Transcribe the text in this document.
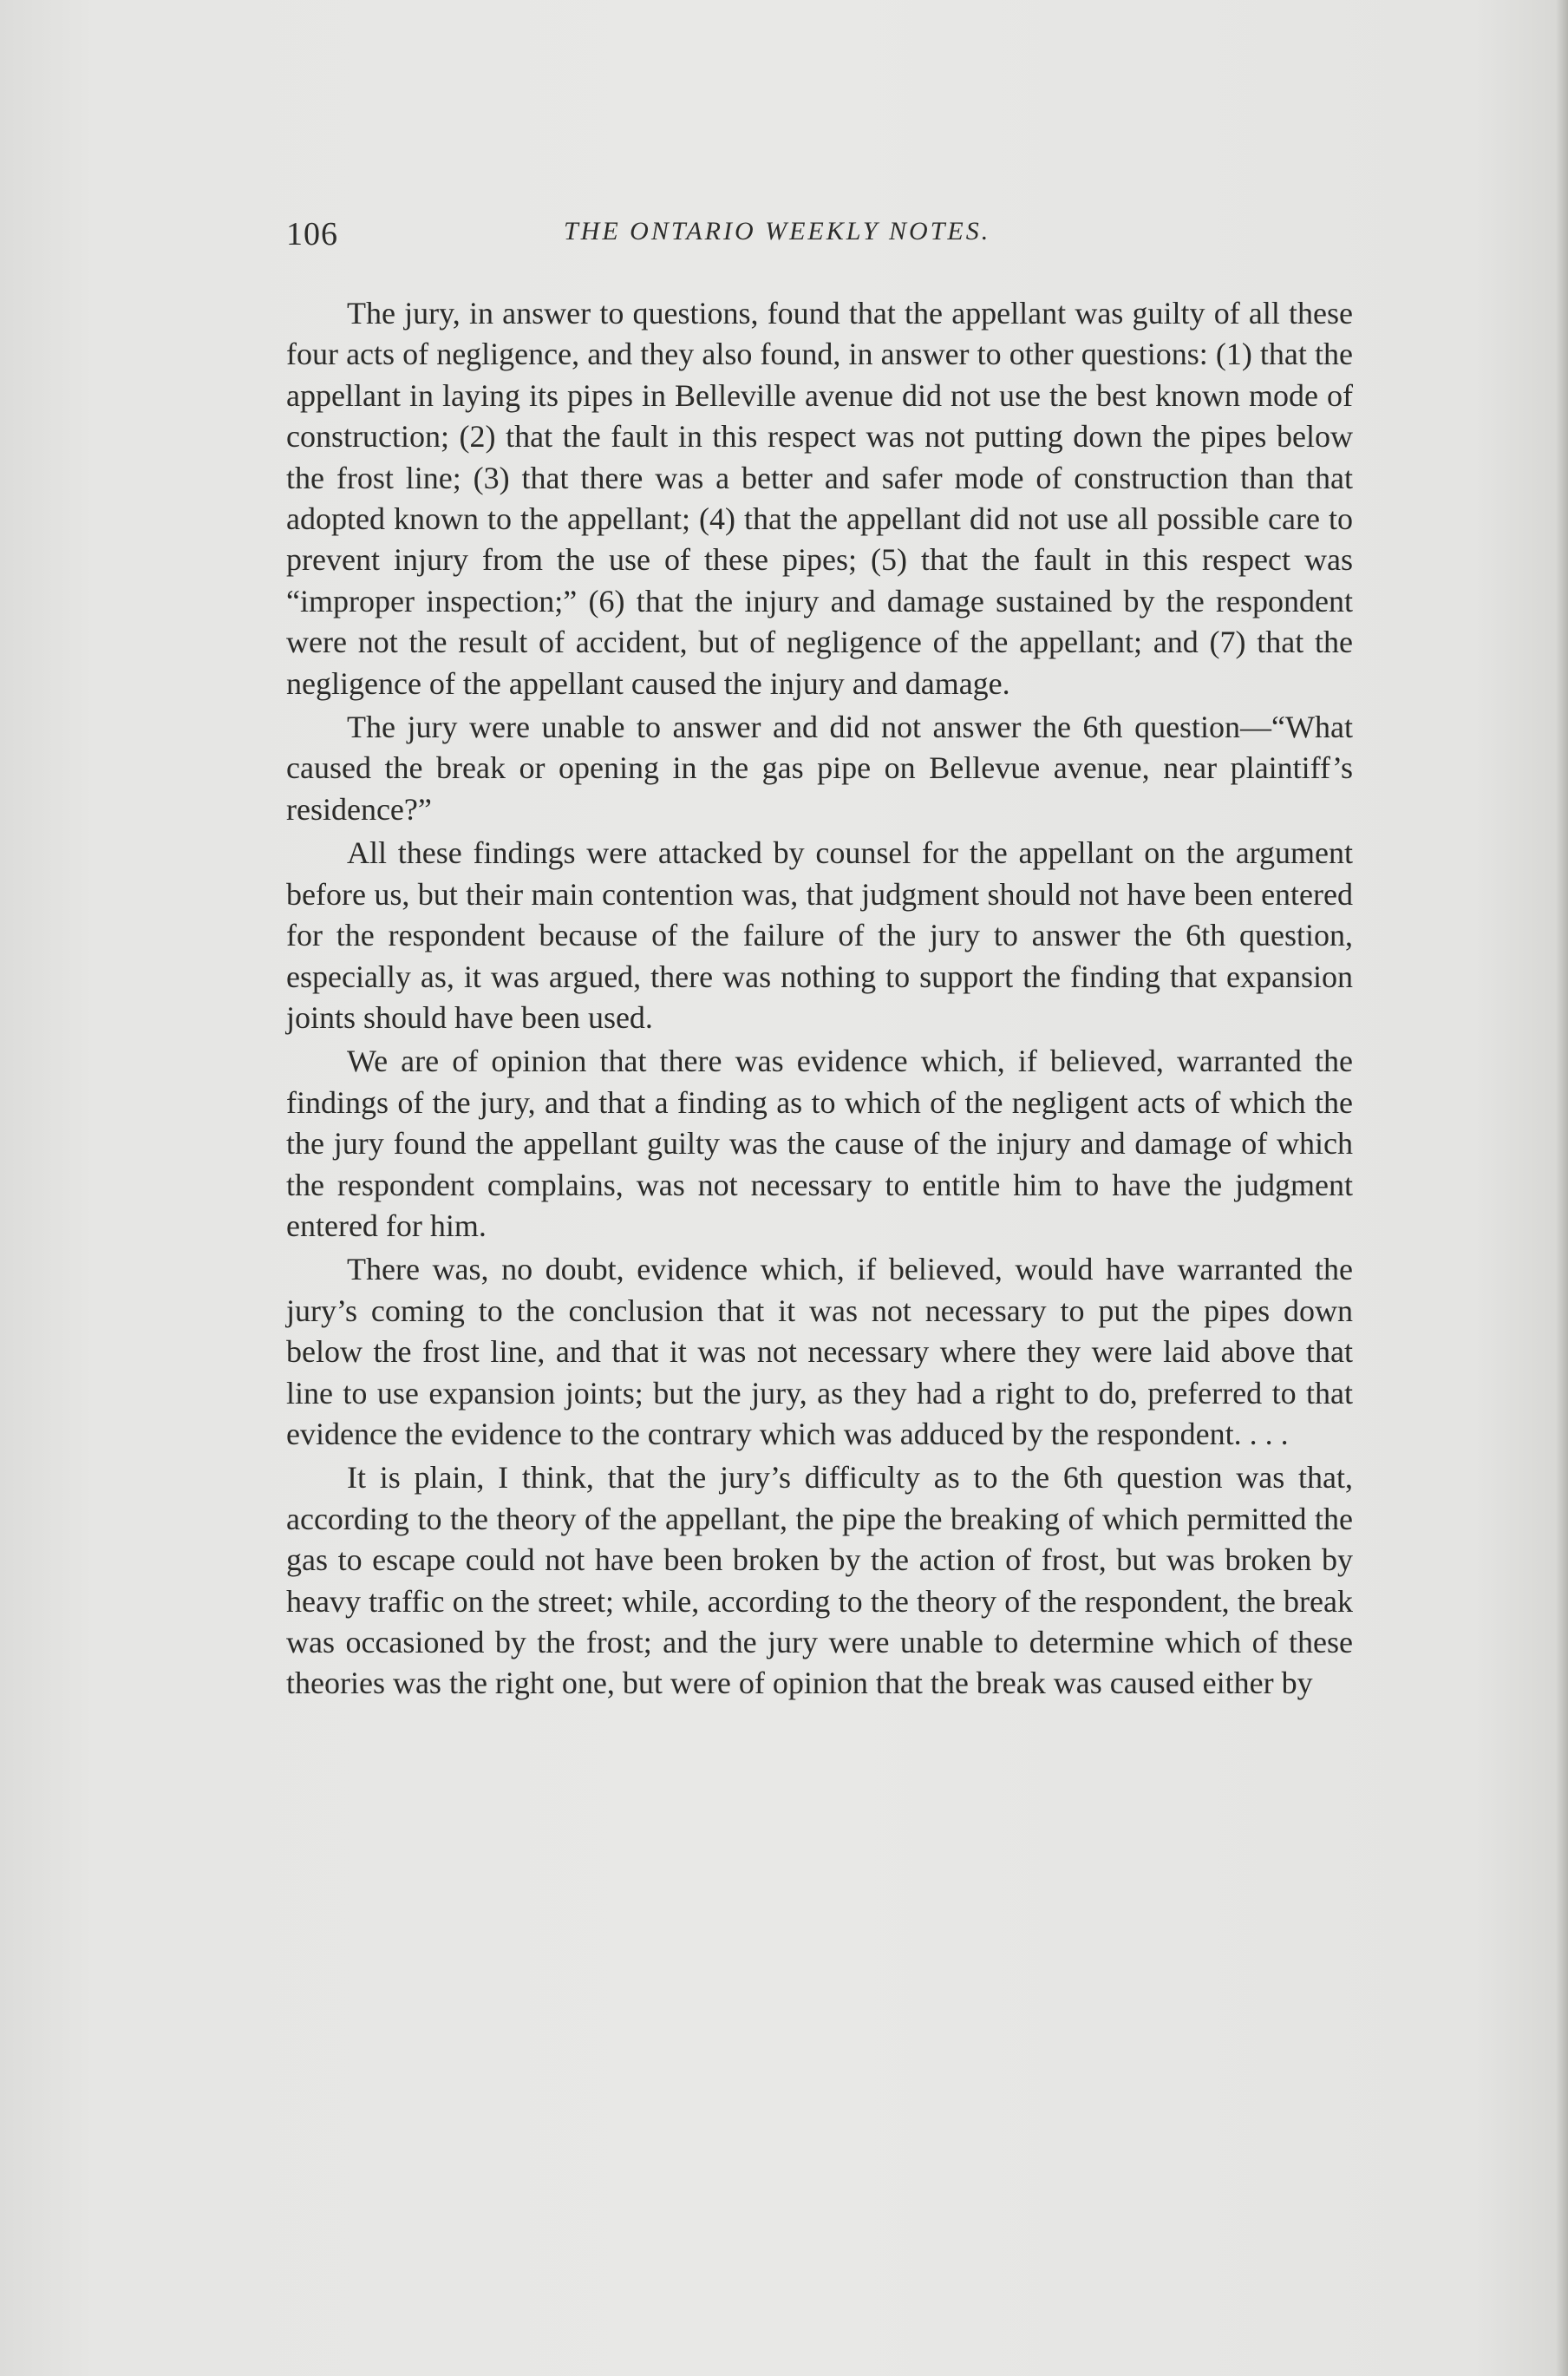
106	THE ONTARIO WEEKLY NOTES.

The jury, in answer to questions, found that the appellant was guilty of all these four acts of negligence, and they also found, in answer to other questions: (1) that the appellant in laying its pipes in Belleville avenue did not use the best known mode of construction; (2) that the fault in this respect was not putting down the pipes below the frost line; (3) that there was a better and safer mode of construction than that adopted known to the appellant; (4) that the appellant did not use all possible care to prevent injury from the use of these pipes; (5) that the fault in this respect was “improper inspection;” (6) that the injury and damage sustained by the respondent were not the result of accident, but of negligence of the appellant; and (7) that the negligence of the appellant caused the injury and damage.

The jury were unable to answer and did not answer the 6th question—“What caused the break or opening in the gas pipe on Bellevue avenue, near plaintiff’s residence?”

All these findings were attacked by counsel for the appellant on the argument before us, but their main contention was, that judgment should not have been entered for the respondent because of the failure of the jury to answer the 6th question, especially as, it was argued, there was nothing to support the finding that expansion joints should have been used.

We are of opinion that there was evidence which, if believed, warranted the findings of the jury, and that a finding as to which of the negligent acts of which the the jury found the appellant guilty was the cause of the injury and damage of which the respondent complains, was not necessary to entitle him to have the judgment entered for him.

There was, no doubt, evidence which, if believed, would have warranted the jury’s coming to the conclusion that it was not necessary to put the pipes down below the frost line, and that it was not necessary where they were laid above that line to use expansion joints; but the jury, as they had a right to do, preferred to that evidence the evidence to the contrary which was adduced by the respondent. . . .

It is plain, I think, that the jury’s difficulty as to the 6th question was that, according to the theory of the appellant, the pipe the breaking of which permitted the gas to escape could not have been broken by the action of frost, but was broken by heavy traffic on the street; while, according to the theory of the respondent, the break was occasioned by the frost; and the jury were unable to determine which of these theories was the right one, but were of opinion that the break was caused either by
